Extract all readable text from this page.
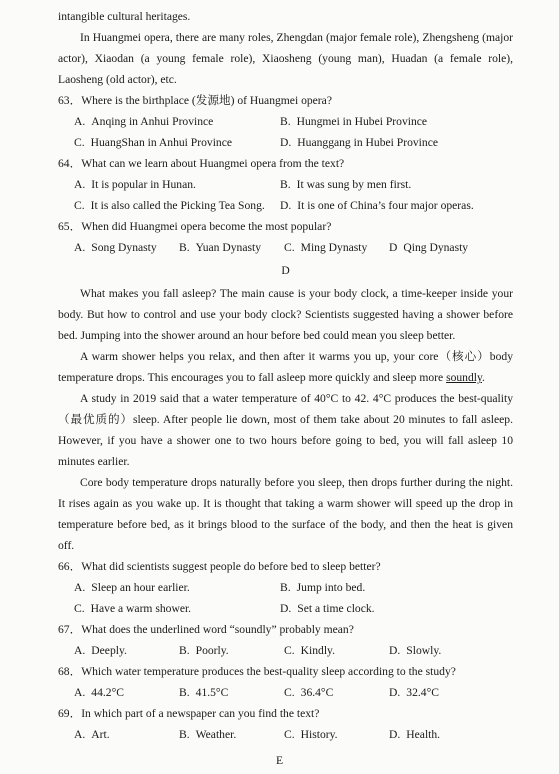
intangible cultural heritages.

In Huangmei opera, there are many roles, Zhengdan (major female role), Zhengsheng (major actor), Xiaodan (a young female role), Xiaosheng (young man), Huadan (a female role), Laosheng (old actor), etc.

63．Where is the birthplace (发源地) of Huangmei opera?
A. Anqing in Anhui Province	B. Hungmei in Hubei Province
C. HuangShan in Anhui Province	D. Huanggang in Hubei Province
64．What can we learn about Huangmei opera from the text?
A. It is popular in Hunan.	B. It was sung by men first.
C. It is also called the Picking Tea Song. D. It is one of China’s four major operas.
65．When did Huangmei opera become the most popular?
A. Song Dynasty B. Yuan Dynasty C. Ming Dynasty D Qing Dynasty
D

What makes you fall asleep? The main cause is your body clock, a time-keeper inside your body. But how to control and use your body clock? Scientists suggested having a shower before bed. Jumping into the shower around an hour before bed could mean you sleep better.

A warm shower helps you relax, and then after it warms you up, your core（核心）body temperature drops. This encourages you to fall asleep more quickly and sleep more soundly.

A study in 2019 said that a water temperature of 40°C to 42. 4°C produces the best-quality（最优质的）sleep. After people lie down, most of them take about 20 minutes to fall asleep. However, if you have a shower one to two hours before going to bed, you will fall asleep 10 minutes earlier.

Core body temperature drops naturally before you sleep, then drops further during the night. It rises again as you wake up. It is thought that taking a warm shower will speed up the drop in temperature before bed, as it brings blood to the surface of the body, and then the heat is given off.

66．What did scientists suggest people do before bed to sleep better?
A. Sleep an hour earlier.	B. Jump into bed.
C. Have a warm shower.	D. Set a time clock.
67．What does the underlined word “soundly” probably mean?
A. Deeply.	B. Poorly.	C. Kindly.	D. Slowly.
68．Which water temperature produces the best-quality sleep according to the study?
A. 44.2°C	B. 41.5°C	C. 36.4°C	D. 32.4°C
69．In which part of a newspaper can you find the text?
A. Art.	B. Weather.	C. History.	D. Health.
E
